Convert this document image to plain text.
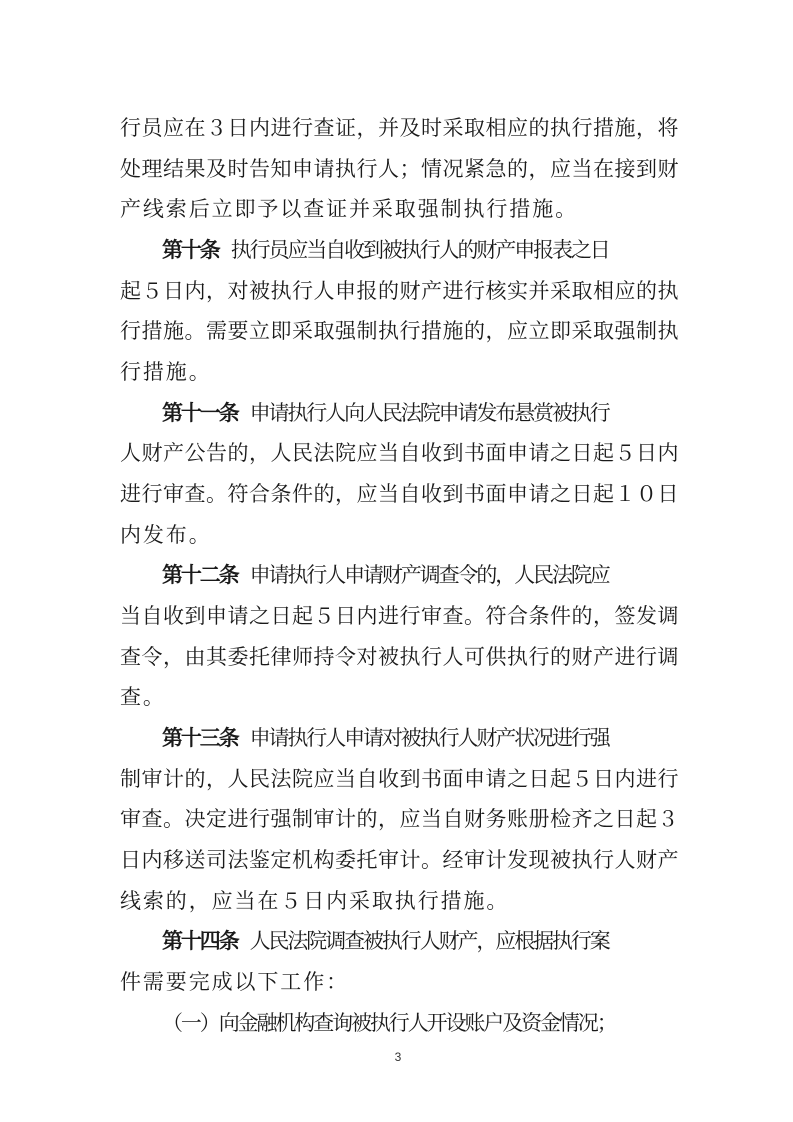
行员应在３日内进行查证，并及时采取相应的执行措施，将
处理结果及时告知申请执行人；情况紧急的，应当在接到财
产线索后立即予以查证并采取强制执行措施。
第十条 执行员应当自收到被执行人的财产申报表之日
起５日内，对被执行人申报的财产进行核实并采取相应的执
行措施。需要立即采取强制执行措施的，应立即采取强制执
行措施。
第十一条 申请执行人向人民法院申请发布悬赏被执行
人财产公告的，人民法院应当自收到书面申请之日起５日内
进行审查。符合条件的，应当自收到书面申请之日起１０日
内发布。
第十二条 申请执行人申请财产调查令的，人民法院应
当自收到申请之日起５日内进行审查。符合条件的，签发调
查令，由其委托律师持令对被执行人可供执行的财产进行调
查。
第十三条 申请执行人申请对被执行人财产状况进行强
制审计的，人民法院应当自收到书面申请之日起５日内进行
审查。决定进行强制审计的，应当自财务账册检齐之日起３
日内移送司法鉴定机构委托审计。经审计发现被执行人财产
线索的，应当在５日内采取执行措施。
第十四条 人民法院调查被执行人财产，应根据执行案
件需要完成以下工作：
（一）向金融机构查询被执行人开设账户及资金情况；
3
